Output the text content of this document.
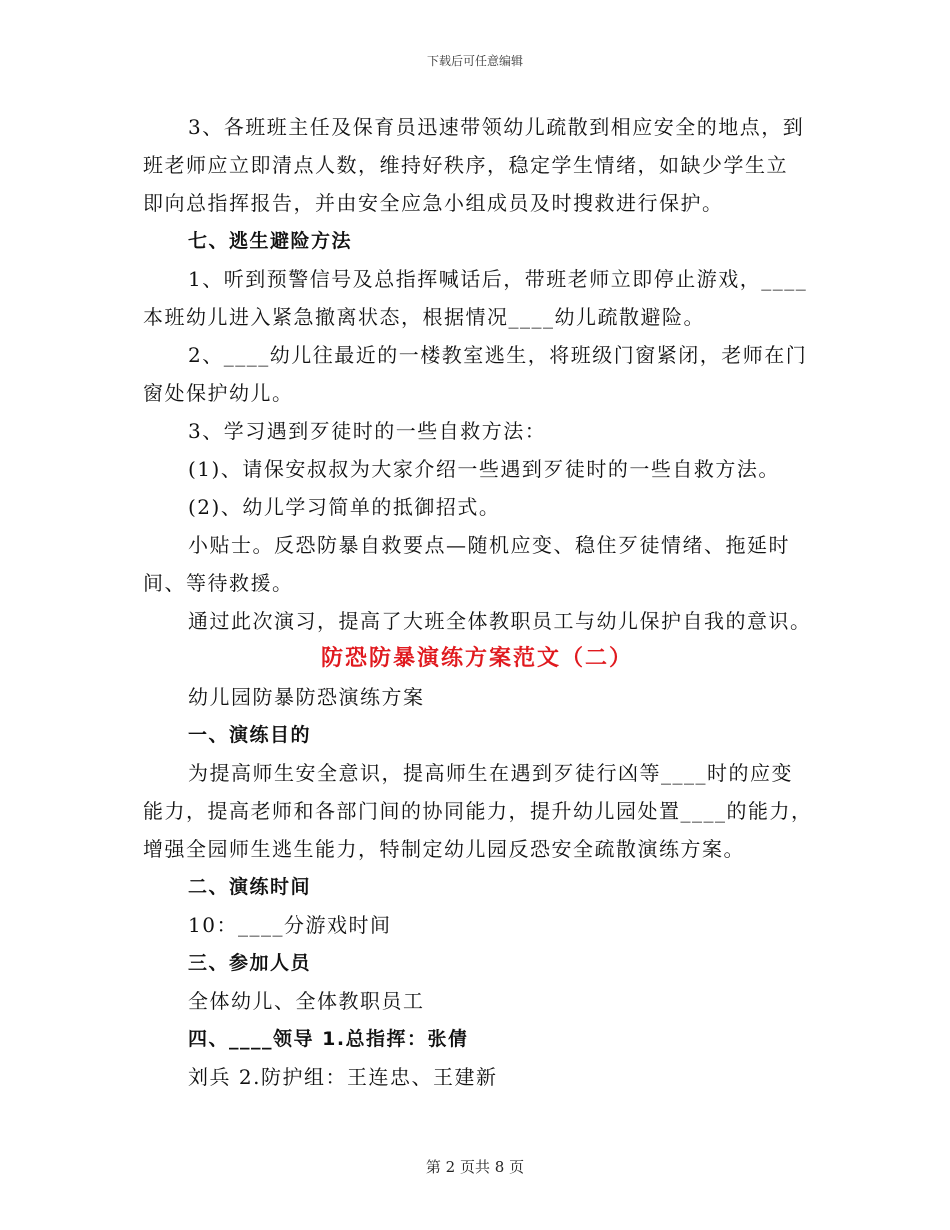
下载后可任意编辑
3、各班班主任及保育员迅速带领幼儿疏散到相应安全的地点，到
班老师应立即清点人数，维持好秩序，稳定学生情绪，如缺少学生立
即向总指挥报告，并由安全应急小组成员及时搜救进行保护。
七、逃生避险方法
1、听到预警信号及总指挥喊话后，带班老师立即停止游戏，____
本班幼儿进入紧急撤离状态，根据情况____幼儿疏散避险。
2、____幼儿往最近的一楼教室逃生，将班级门窗紧闭，老师在门
窗处保护幼儿。
3、学习遇到歹徒时的一些自救方法：
(1)、请保安叔叔为大家介绍一些遇到歹徒时的一些自救方法。
(2)、幼儿学习简单的抵御招式。
小贴士。反恐防暴自救要点—随机应变、稳住歹徒情绪、拖延时
间、等待救援。
通过此次演习，提高了大班全体教职员工与幼儿保护自我的意识。
防恐防暴演练方案范文（二）
幼儿园防暴防恐演练方案
一、演练目的
为提高师生安全意识，提高师生在遇到歹徒行凶等____时的应变
能力，提高老师和各部门间的协同能力，提升幼儿园处置____的能力，
增强全园师生逃生能力，特制定幼儿园反恐安全疏散演练方案。
二、演练时间
10：____分游戏时间
三、参加人员
全体幼儿、全体教职员工
四、____领导 1.总指挥：张倩
刘兵 2.防护组：王连忠、王建新
第 2 页共 8 页
